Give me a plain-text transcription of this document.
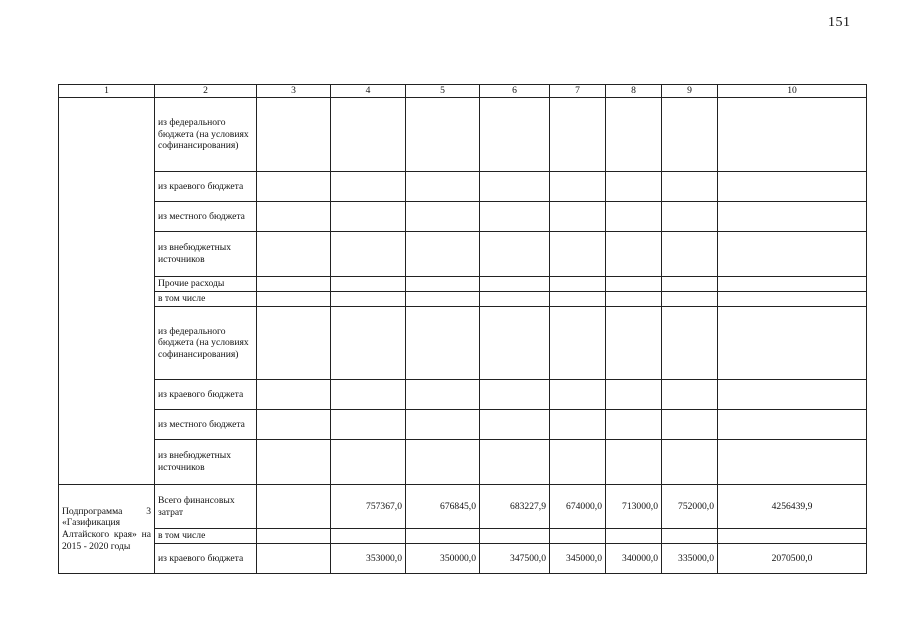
151
1	2	3	4	5	6	7	8	9	10
	из федерального бюджета (на условиях софинансирования)								
	из краевого бюджета								
	из местного бюджета								
	из внебюджетных источников								
	Прочие расходы								
	в том числе								
	из федерального бюджета (на условиях софинансирования)								
	из краевого бюджета								
	из местного бюджета								
	из внебюджетных источников								
Подпрограмма 3 «Газификация Алтайского края» на 2015 - 2020 годы	Всего финансовых затрат		757367,0	676845,0	683227,9	674000,0	713000,0	752000,0	4256439,9
	в том числе								
	из краевого бюджета		353000,0	350000,0	347500,0	345000,0	340000,0	335000,0	2070500,0
